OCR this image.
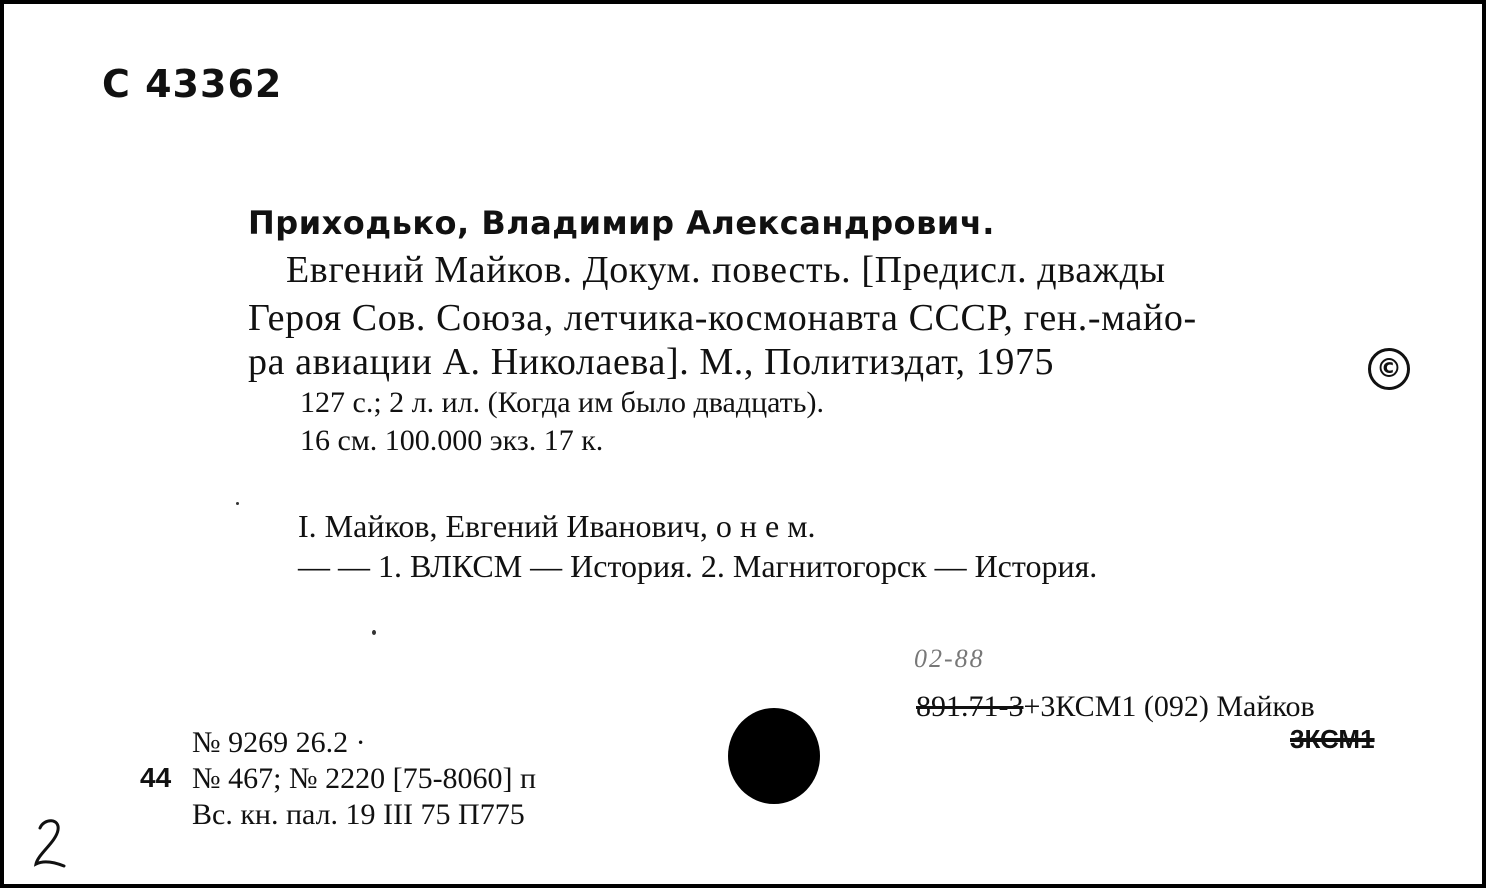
С 43362
Приходько, Владимир Александрович.
Евгений Майков. Докум. повесть. [Предисл. дважды
Героя Сов. Союза, летчика-космонавта СССР, ген.-майо-
ра авиации А. Николаева]. М., Политиздат, 1975	©
127 с.; 2 л. ил. (Когда им было двадцать).
16 см. 100.000 экз. 17 к.
I. Майков, Евгений Иванович, о н е м.
— — 1. ВЛКСМ — История. 2. Магнитогорск — История.
02-88
891.71-3+3КСМ1 (092) Майков
3КСМ1
№ 9269 26.2 ·
44 № 467; № 2220 [75-8060] п
Вс. кн. пал. 19 III 75 П775
